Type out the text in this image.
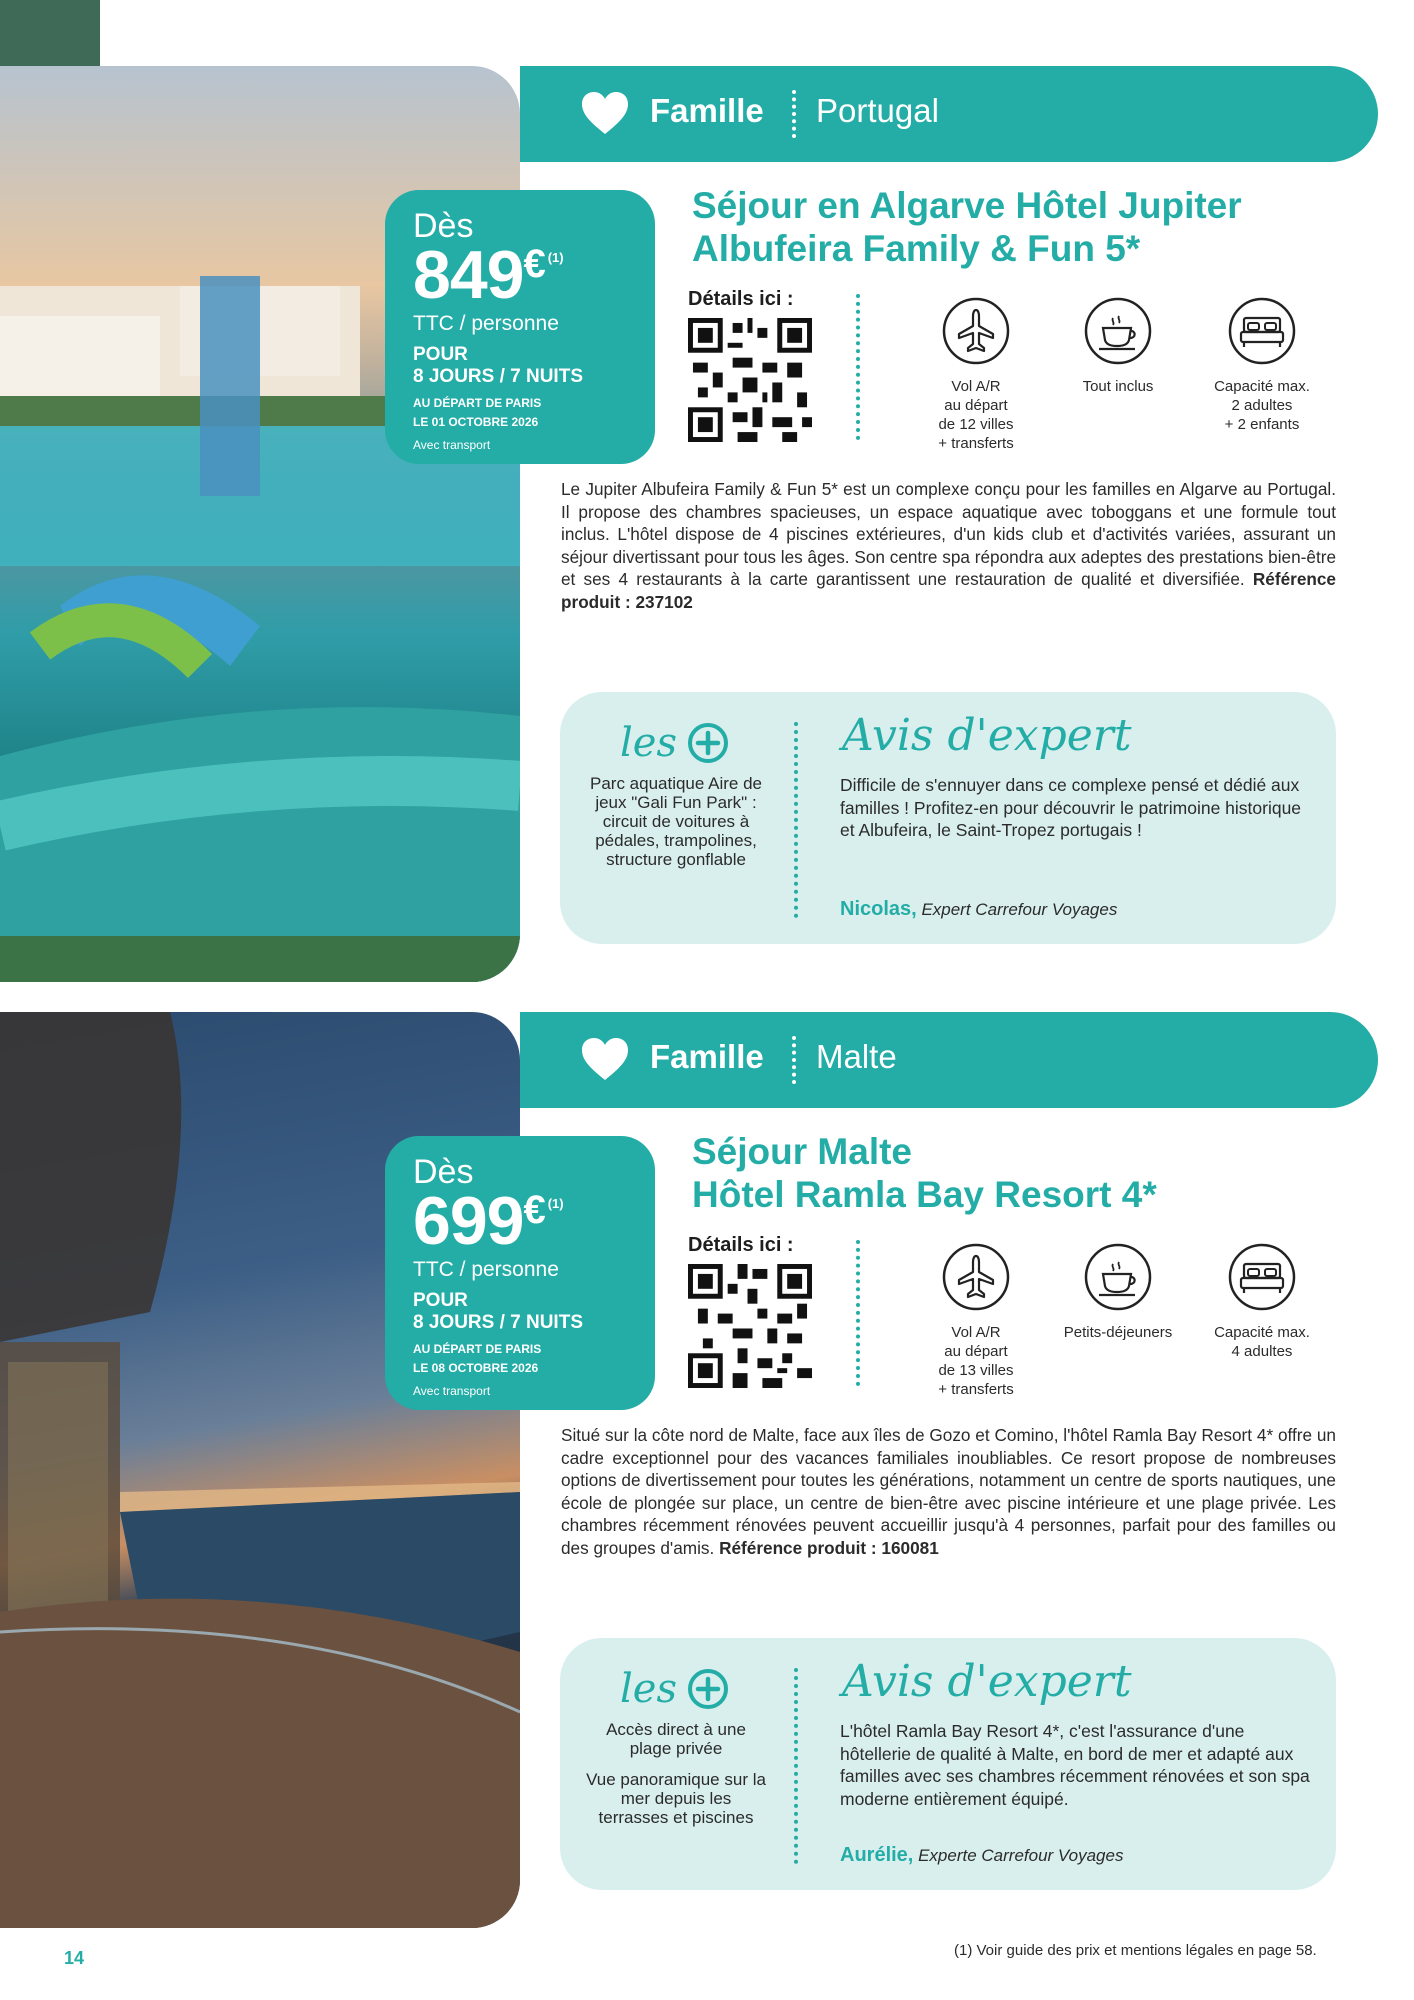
Famille Portugal
Dès
849 € (1)
TTC / personne
POUR
8 JOURS / 7 NUITS
AU DÉPART DE PARIS
LE 01 OCTOBRE 2026
Avec transport
Séjour en Algarve Hôtel Jupiter
Albufeira Family & Fun 5*
Détails ici :
Vol A/R
au départ
de 12 villes
+ transferts
Tout inclus	Capacité max.
2 adultes
+ 2 enfants
Le Jupiter Albufeira Family & Fun 5* est un complexe conçu pour les familles en Algarve au Portugal. Il propose des chambres spacieuses, un espace aquatique avec toboggans et une formule tout inclus. L'hôtel dispose de 4 piscines extérieures, d'un kids club et d'activités variées, assurant un séjour divertissant pour tous les âges. Son centre spa répondra aux adeptes des prestations bien-être et ses 4 restaurants à la carte garantissent une restauration de qualité et diversifiée. Référence produit : 237102
les

Parc aquatique Aire de jeux "Gali Fun Park" : circuit de voitures à pédales, trampolines, structure gonflable

Avis d'expert
Difficile de s'ennuyer dans ce complexe pensé et dédié aux familles ! Profitez-en pour découvrir le patrimoine historique et Albufeira, le Saint-Tropez portugais !
Nicolas, Expert Carrefour Voyages
Famille Malte
Dès
699 € (1)
TTC / personne
POUR
8 JOURS / 7 NUITS
AU DÉPART DE PARIS
LE 08 OCTOBRE 2026
Avec transport
Séjour Malte
Hôtel Ramla Bay Resort 4*
Détails ici :
Vol A/R
au départ
de 13 villes
+ transferts
Petits-déjeuners	Capacité max.
4 adultes
Situé sur la côte nord de Malte, face aux îles de Gozo et Comino, l'hôtel Ramla Bay Resort 4* offre un cadre exceptionnel pour des vacances familiales inoubliables. Ce resort propose de nombreuses options de divertissement pour toutes les générations, notamment un centre de sports nautiques, une école de plongée sur place, un centre de bien-être avec piscine intérieure et une plage privée. Les chambres récemment rénovées peuvent accueillir jusqu'à 4 personnes, parfait pour des familles ou des groupes d'amis. Référence produit : 160081
les

Accès direct à une plage privée

Vue panoramique sur la mer depuis les terrasses et piscines

Avis d'expert
L'hôtel Ramla Bay Resort 4*, c'est l'assurance d'une hôtellerie de qualité à Malte, en bord de mer et adapté aux familles avec ses chambres récemment rénovées et son spa moderne entièrement équipé.
Aurélie, Experte Carrefour Voyages
14	(1) Voir guide des prix et mentions légales en page 58.
